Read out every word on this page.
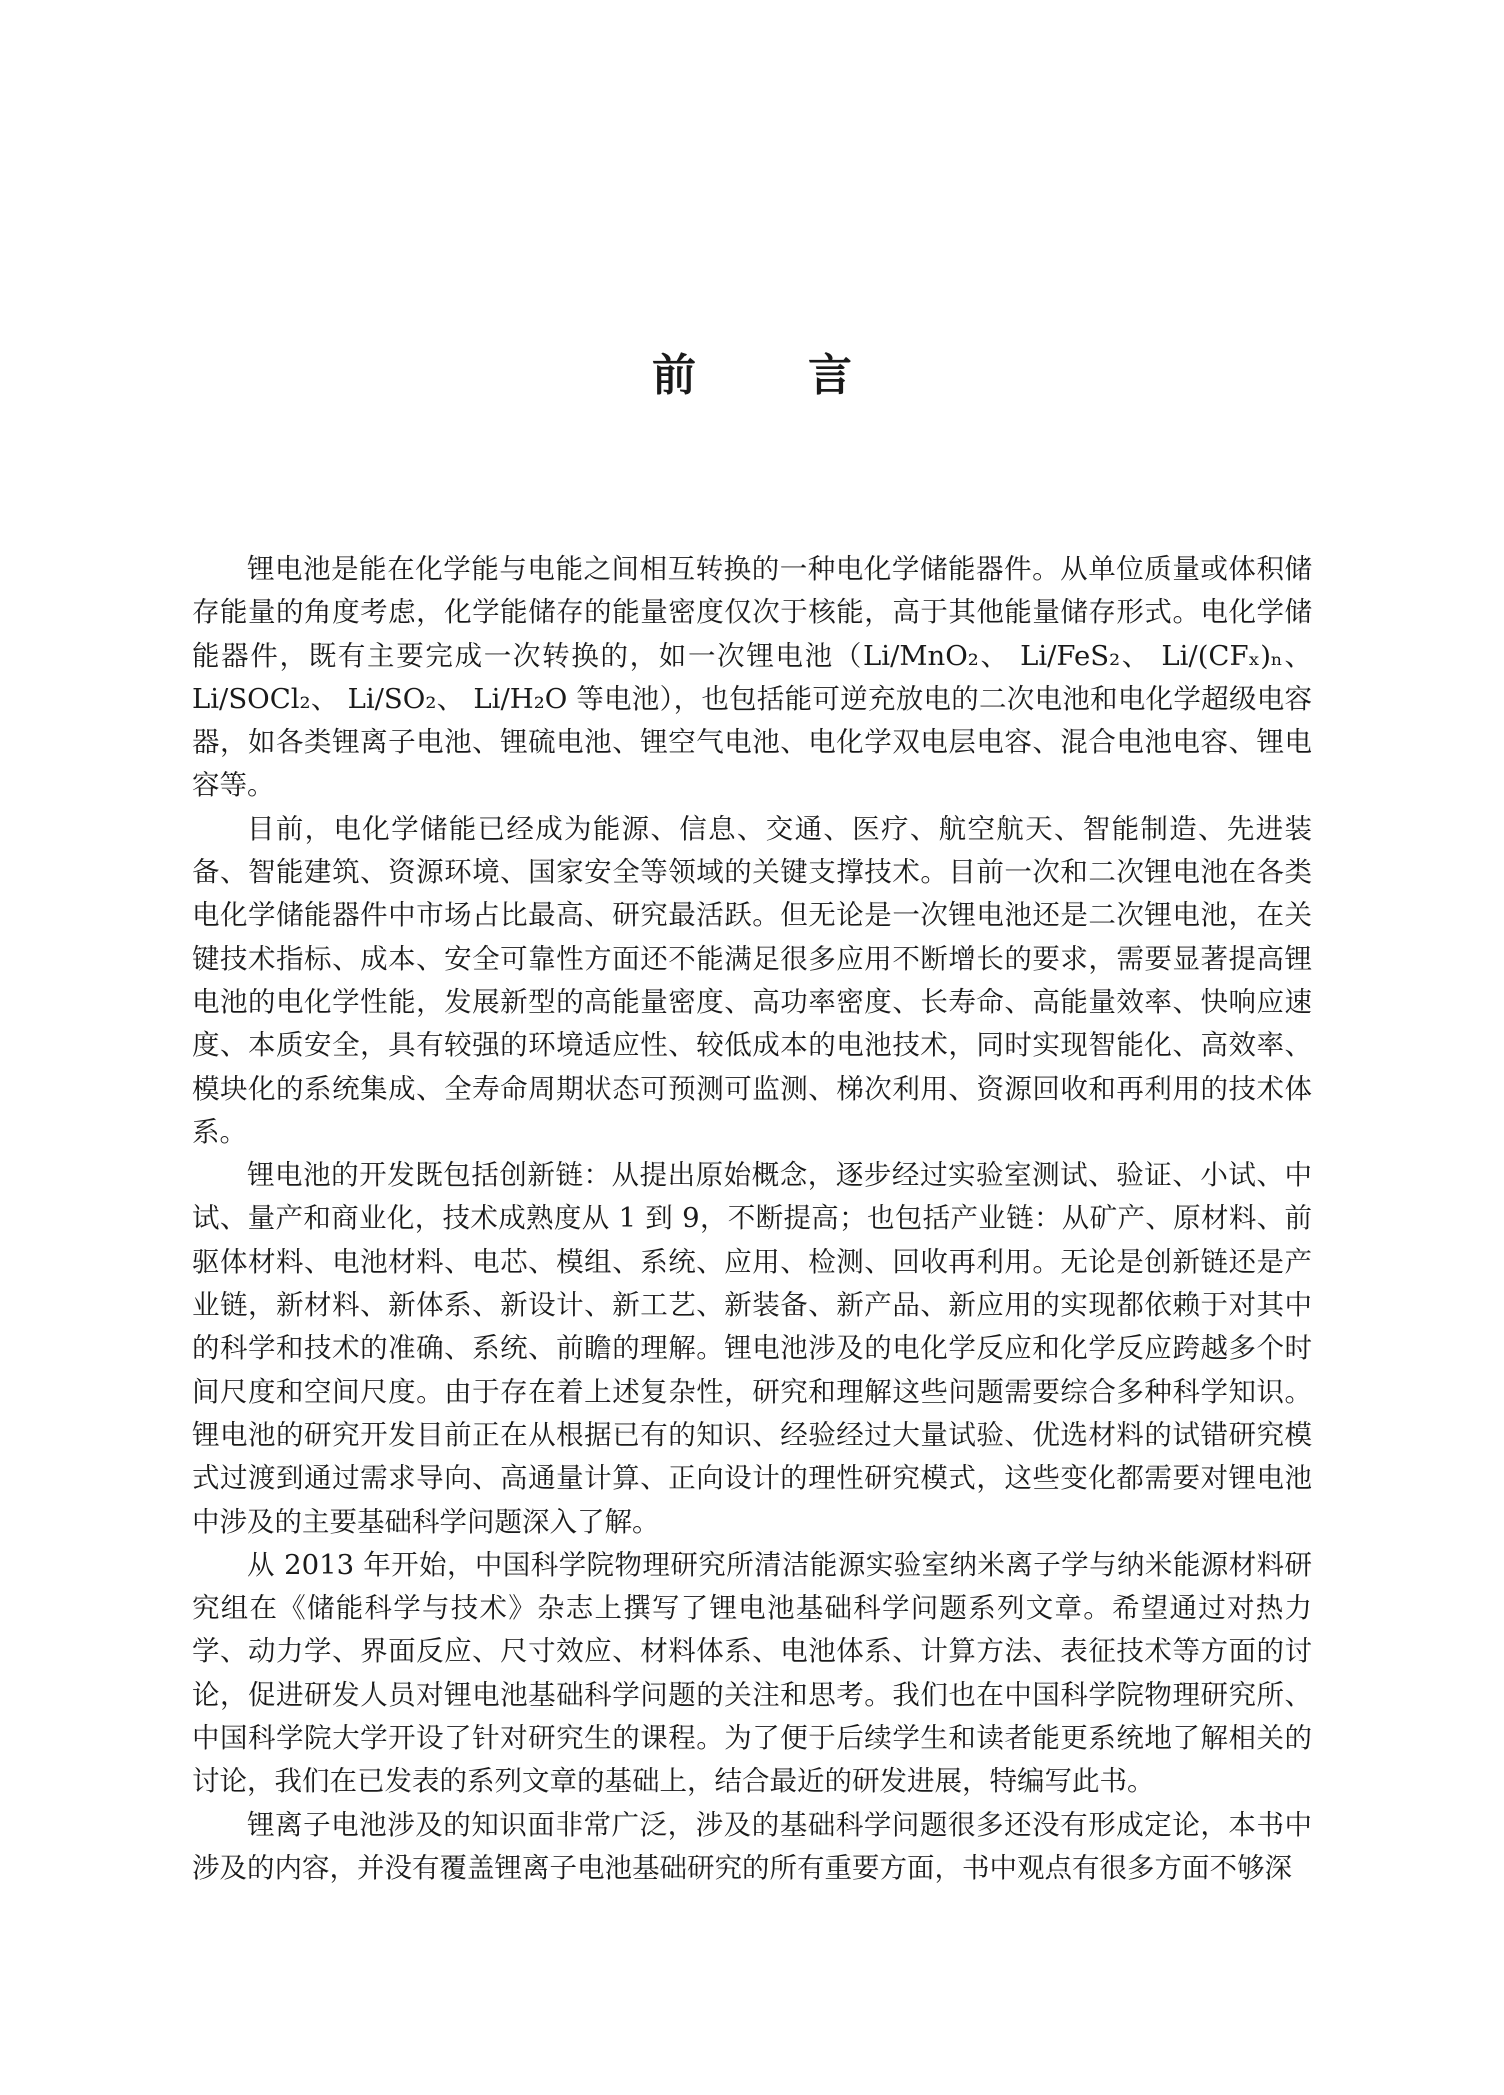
前　言

锂电池是能在化学能与电能之间相互转换的一种电化学储能器件。从单位质量或体积储存能量的角度考虑，化学能储存的能量密度仅次于核能，高于其他能量储存形式。电化学储能器件，既有主要完成一次转换的，如一次锂电池（Li/MnO₂、 Li/FeS₂、 Li/(CFₓ)ₙ、Li/SOCl₂、 Li/SO₂、 Li/H₂O 等电池），也包括能可逆充放电的二次电池和电化学超级电容器，如各类锂离子电池、锂硫电池、锂空气电池、电化学双电层电容、混合电池电容、锂电容等。

目前，电化学储能已经成为能源、信息、交通、医疗、航空航天、智能制造、先进装备、智能建筑、资源环境、国家安全等领域的关键支撑技术。目前一次和二次锂电池在各类电化学储能器件中市场占比最高、研究最活跃。但无论是一次锂电池还是二次锂电池，在关键技术指标、成本、安全可靠性方面还不能满足很多应用不断增长的要求，需要显著提高锂电池的电化学性能，发展新型的高能量密度、高功率密度、长寿命、高能量效率、快响应速度、本质安全，具有较强的环境适应性、较低成本的电池技术，同时实现智能化、高效率、模块化的系统集成、全寿命周期状态可预测可监测、梯次利用、资源回收和再利用的技术体系。

锂电池的开发既包括创新链：从提出原始概念，逐步经过实验室测试、验证、小试、中试、量产和商业化，技术成熟度从 1 到 9，不断提高；也包括产业链：从矿产、原材料、前驱体材料、电池材料、电芯、模组、系统、应用、检测、回收再利用。无论是创新链还是产业链，新材料、新体系、新设计、新工艺、新装备、新产品、新应用的实现都依赖于对其中的科学和技术的准确、系统、前瞻的理解。锂电池涉及的电化学反应和化学反应跨越多个时间尺度和空间尺度。由于存在着上述复杂性，研究和理解这些问题需要综合多种科学知识。锂电池的研究开发目前正在从根据已有的知识、经验经过大量试验、优选材料的试错研究模式过渡到通过需求导向、高通量计算、正向设计的理性研究模式，这些变化都需要对锂电池中涉及的主要基础科学问题深入了解。

从 2013 年开始，中国科学院物理研究所清洁能源实验室纳米离子学与纳米能源材料研究组在《储能科学与技术》杂志上撰写了锂电池基础科学问题系列文章。希望通过对热力学、动力学、界面反应、尺寸效应、材料体系、电池体系、计算方法、表征技术等方面的讨论，促进研发人员对锂电池基础科学问题的关注和思考。我们也在中国科学院物理研究所、中国科学院大学开设了针对研究生的课程。为了便于后续学生和读者能更系统地了解相关的讨论，我们在已发表的系列文章的基础上，结合最近的研发进展，特编写此书。

锂离子电池涉及的知识面非常广泛，涉及的基础科学问题很多还没有形成定论，本书中涉及的内容，并没有覆盖锂离子电池基础研究的所有重要方面，书中观点有很多方面不够深
